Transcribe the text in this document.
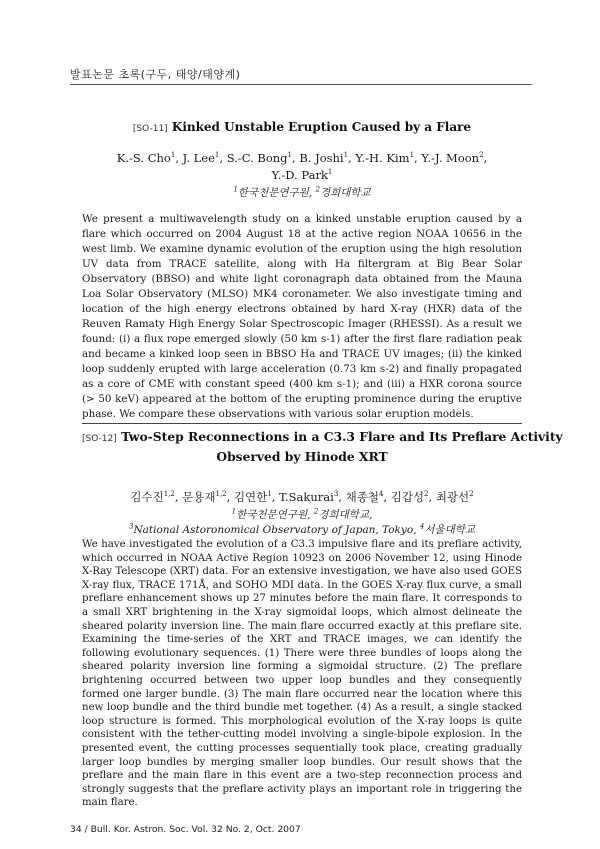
발표논문 초록(구두, 태양/태양계)
[SO-11] Kinked Unstable Eruption Caused by a Flare
K.-S. Cho$^1$, J. Lee$^1$, S.-C. Bong$^1$, B. Joshi$^1$, Y.-H. Kim$^1$, Y.-J. Moon$^2$,
Y.-D. Park$^1$
$^1$한국천문연구원, $^2$경희대학교
We present a multiwavelength study on a kinked unstable eruption caused by a flare which occurred on 2004 August 18 at the active region NOAA 10656 in the west limb. We examine dynamic evolution of the eruption using the high resolution UV data from TRACE satellite, along with Ha filtergram at Big Bear Solar Observatory (BBSO) and white light coronagraph data obtained from the Mauna Loa Solar Observatory (MLSO) MK4 coronameter. We also investigate timing and location of the high energy electrons obtained by hard X-ray (HXR) data of the Reuven Ramaty High Energy Solar Spectroscopic Imager (RHESSI). As a result we found: (i) a flux rope emerged slowly (50 km s-1) after the first flare radiation peak and became a kinked loop seen in BBSO Ha and TRACE UV images; (ii) the kinked loop suddenly erupted with large acceleration (0.73 km s-2) and finally propagated as a core of CME with constant speed (400 km s-1); and (iii) a HXR corona source (> 50 keV) appeared at the bottom of the erupting prominence during the eruptive phase. We compare these observations with various solar eruption models.
[SO-12] Two-Step Reconnections in a C3.3 Flare and Its Preflare Activity
Observed by Hinode XRT
김수진$^{1,2}$, 문용재$^{1,2}$, 김연한$^1$, T.Sakurai$^3$, 채종철$^4$, 김갑성$^2$, 최광선$^2$
$^1$한국천문연구원, $^2$경희대학교,
$^3$National Astoronomical Observatory of Japan, Tokyo, $^4$서울대학교
We have investigated the evolution of a C3.3 impulsive flare and its preflare activity, which occurred in NOAA Active Region 10923 on 2006 November 12, using Hinode X-Ray Telescope (XRT) data. For an extensive investigation, we have also used GOES X-ray flux, TRACE 171Å, and SOHO MDI data. In the GOES X-ray flux curve, a small preflare enhancement shows up 27 minutes before the main flare. It corresponds to a small XRT brightening in the X-ray sigmoidal loops, which almost delineate the sheared polarity inversion line. The main flare occurred exactly at this preflare site. Examining the time-series of the XRT and TRACE images, we can identify the following evolutionary sequences. (1) There were three bundles of loops along the sheared polarity inversion line forming a sigmoidal structure. (2) The preflare brightening occurred between two upper loop bundles and they consequently formed one larger bundle. (3) The main flare occurred near the location where this new loop bundle and the third bundle met together. (4) As a result, a single stacked loop structure is formed. This morphological evolution of the X-ray loops is quite consistent with the tether-cutting model involving a single-bipole explosion. In the presented event, the cutting processes sequentially took place, creating gradually larger loop bundles by merging smaller loop bundles. Our result shows that the preflare and the main flare in this event are a two-step reconnection process and strongly suggests that the preflare activity plays an important role in triggering the main flare.
34 / Bull. Kor. Astron. Soc. Vol. 32 No. 2, Oct. 2007
